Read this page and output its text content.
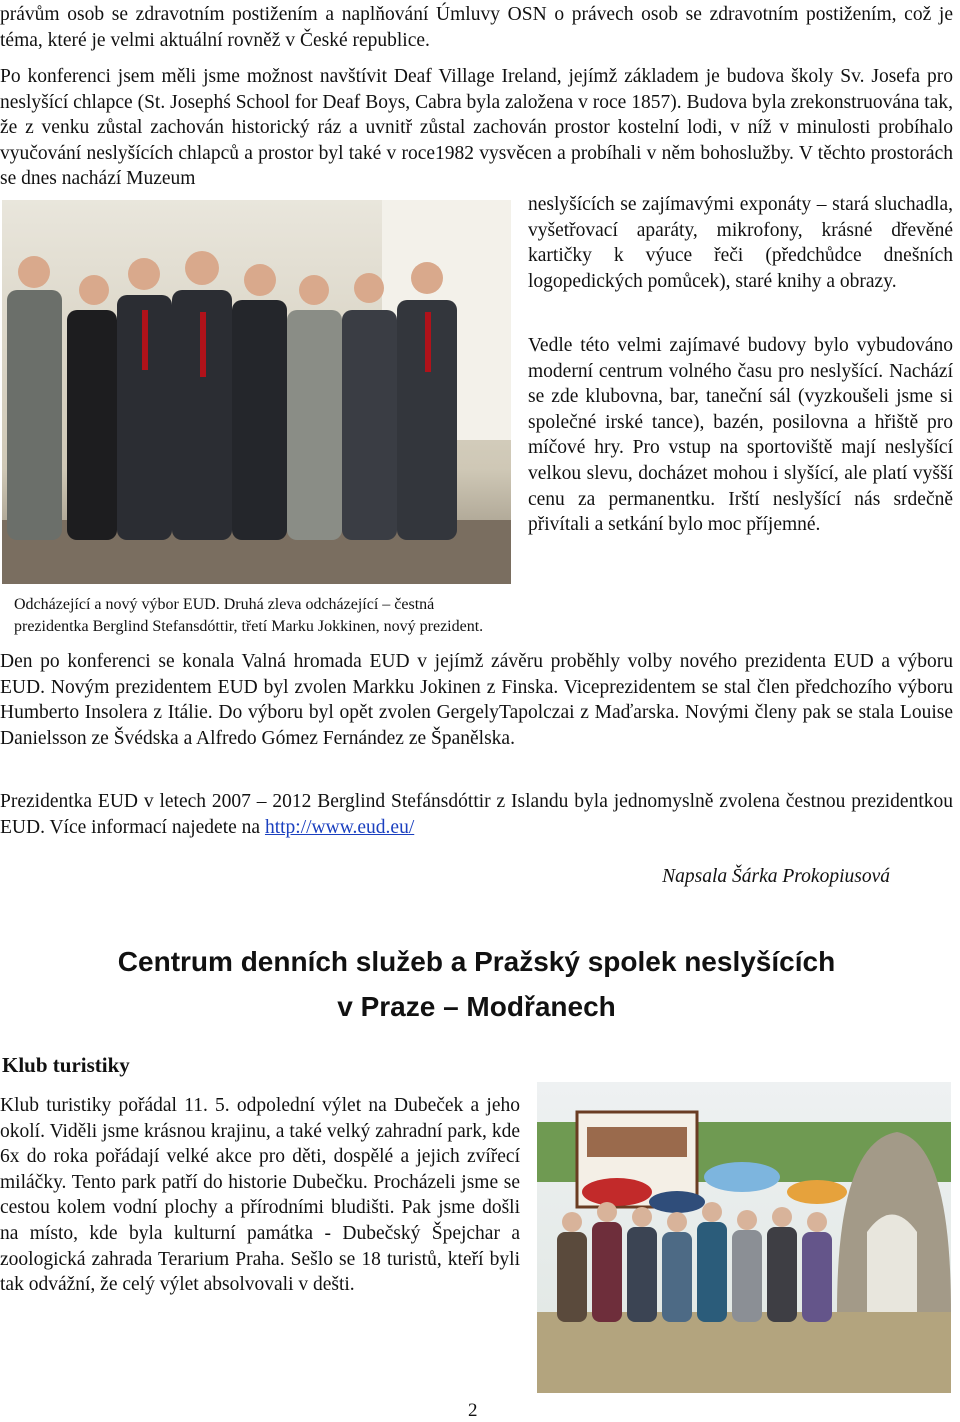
právům osob se zdravotním postižením a naplňování Úmluvy OSN o právech osob se zdravotním postižením, což je téma, které je velmi aktuální rovněž v České republice.

Po konferenci jsem měli jsme možnost navštívit Deaf Village Ireland, jejímž základem je budova školy Sv. Josefa pro neslyšící chlapce (St. Josephś School for Deaf Boys, Cabra byla založena v roce 1857). Budova byla zrekonstruována tak, že z venku zůstal zachován historický ráz a uvnitř zůstal zachován prostor kostelní lodi, v níž v minulosti probíhalo vyučování neslyšících chlapců a prostor byl také v roce1982 vysvěcen a probíhali v něm bohoslužby. V těchto prostorách se dnes nachází Muzeum

neslyšících se zajímavými exponáty – stará sluchadla, vyšetřovací aparáty, mikrofony, krásné dřevěné kartičky k výuce řeči (předchůdce dnešních logopedických pomůcek), staré knihy a obrazy.

Vedle této velmi zajímavé budovy bylo vybudováno moderní centrum volného času pro neslyšící. Nachází se zde klubovna, bar, taneční sál (vyzkoušeli jsme si společné irské tance), bazén, posilovna a hřiště pro míčové hry. Pro vstup na sportoviště mají neslyšící velkou slevu, docházet mohou i slyšící, ale platí vyšší cenu za permanentku. Irští neslyšící nás srdečně přivítali a setkání bylo moc příjemné.

Odcházející a nový výbor EUD. Druhá zleva odcházející – čestná
prezidentka Berglind Stefansdóttir, třetí Marku Jokkinen, nový prezident.

Den po konferenci se konala Valná hromada EUD v jejímž závěru proběhly volby nového prezidenta EUD a výboru EUD. Novým prezidentem EUD byl zvolen Markku Jokinen z Finska. Viceprezidentem se stal člen předchozího výboru Humberto Insolera z Itálie. Do výboru byl opět zvolen GergelyTapolczai z Maďarska. Novými členy pak se stala Louise Danielsson ze Švédska a Alfredo Gómez Fernández ze Španělska.

Prezidentka EUD v letech 2007 – 2012 Berglind Stefánsdóttir z Islandu byla jednomyslně zvolena čestnou prezidentkou EUD. Více informací najedete na http://www.eud.eu/

Napsala Šárka Prokopiusová
Centrum denních služeb a Pražský spolek neslyšících
v Praze – Modřanech
Klub turistiky

Klub turistiky pořádal 11. 5. odpolední výlet na Dubeček a jeho okolí. Viděli jsme krásnou krajinu, a také velký zahradní park, kde 6x do roka pořádají velké akce pro děti, dospělé a jejich zvířecí miláčky. Tento park patří do historie Dubečku. Procházeli jsme se cestou kolem vodní plochy a přírodními bludišti. Pak jsme došli na místo, kde byla kulturní památka - Dubečský Špejchar a zoologická zahrada Terarium Praha. Sešlo se 18 turistů, kteří byli tak odvážní, že celý výlet absolvovali v dešti.

2
